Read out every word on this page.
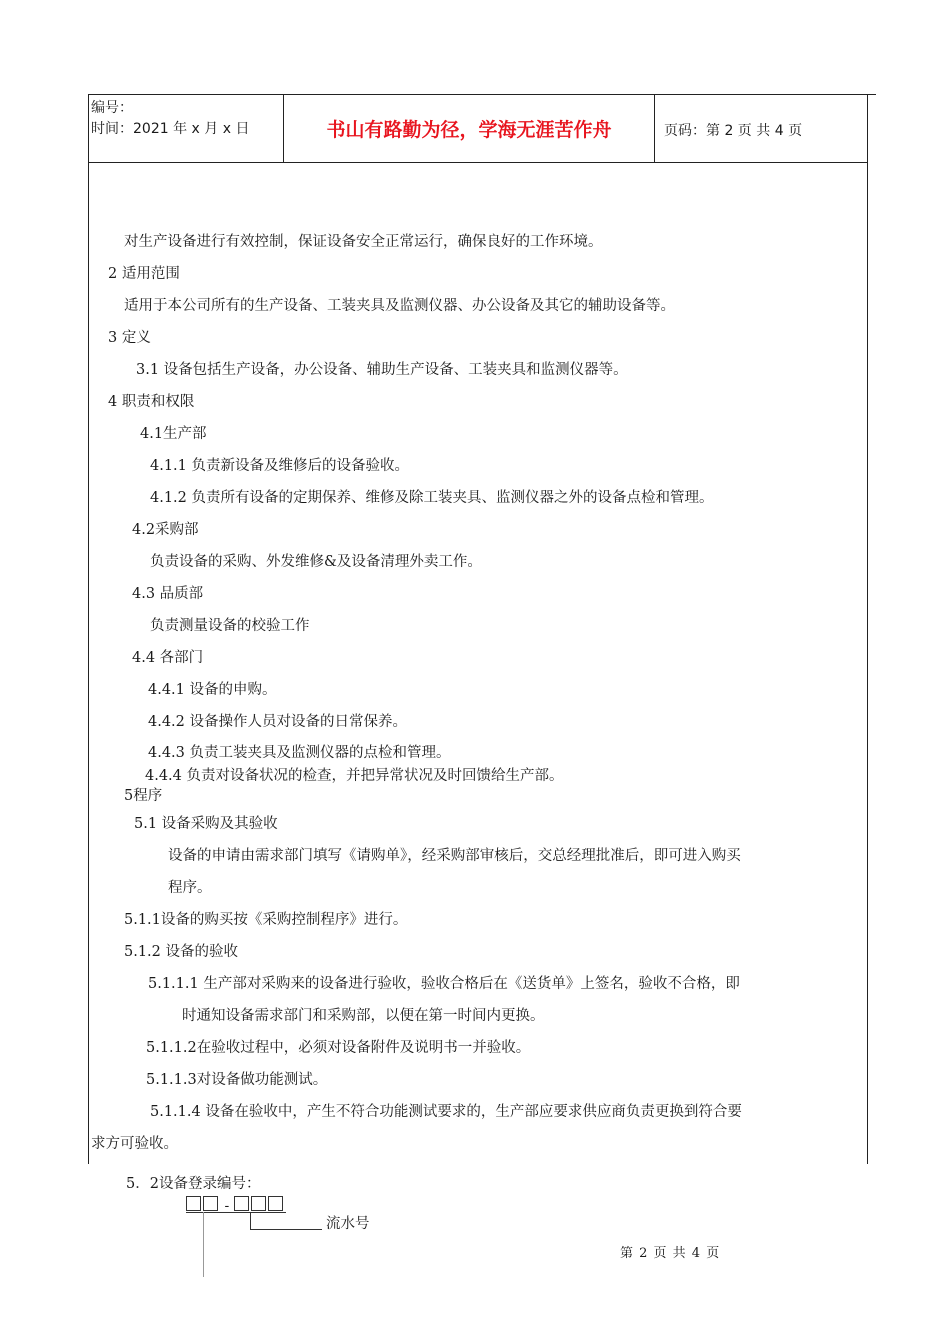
编号：
时间：2021 年 x 月 x 日	书山有路勤为径，学海无涯苦作舟	页码：第 2 页 共 4 页
对生产设备进行有效控制，保证设备安全正常运行，确保良好的工作环境。
2 适用范围
适用于本公司所有的生产设备、工装夹具及监测仪器、办公设备及其它的辅助设备等。
3 定义
3.1 设备包括生产设备，办公设备、辅助生产设备、工装夹具和监测仪器等。
4 职责和权限
4.1生产部
4.1.1 负责新设备及维修后的设备验收。
4.1.2 负责所有设备的定期保养、维修及除工装夹具、监测仪器之外的设备点检和管理。
4.2采购部
负责设备的采购、外发维修&及设备清理外卖工作。
4.3 品质部
负责测量设备的校验工作
4.4 各部门
4.4.1 设备的申购。
4.4.2 设备操作人员对设备的日常保养。
4.4.3 负责工装夹具及监测仪器的点检和管理。
4.4.4 负责对设备状况的检查，并把异常状况及时回馈给生产部。
5程序
5.1 设备采购及其验收
设备的申请由需求部门填写《请购单》，经采购部审核后，交总经理批准后，即可进入购买
程序。
5.1.1设备的购买按《采购控制程序》进行。
5.1.2 设备的验收
5.1.1.1 生产部对采购来的设备进行验收，验收合格后在《送货单》上签名，验收不合格，即
时通知设备需求部门和采购部，以便在第一时间内更换。
5.1.1.2在验收过程中，必须对设备附件及说明书一并验收。
5.1.1.3对设备做功能测试。
5.1.1.4 设备在验收中，产生不符合功能测试要求的，生产部应要求供应商负责更换到符合要
求方可验收。
5．2设备登录编号：
-
流水号
第 2 页 共 4 页
